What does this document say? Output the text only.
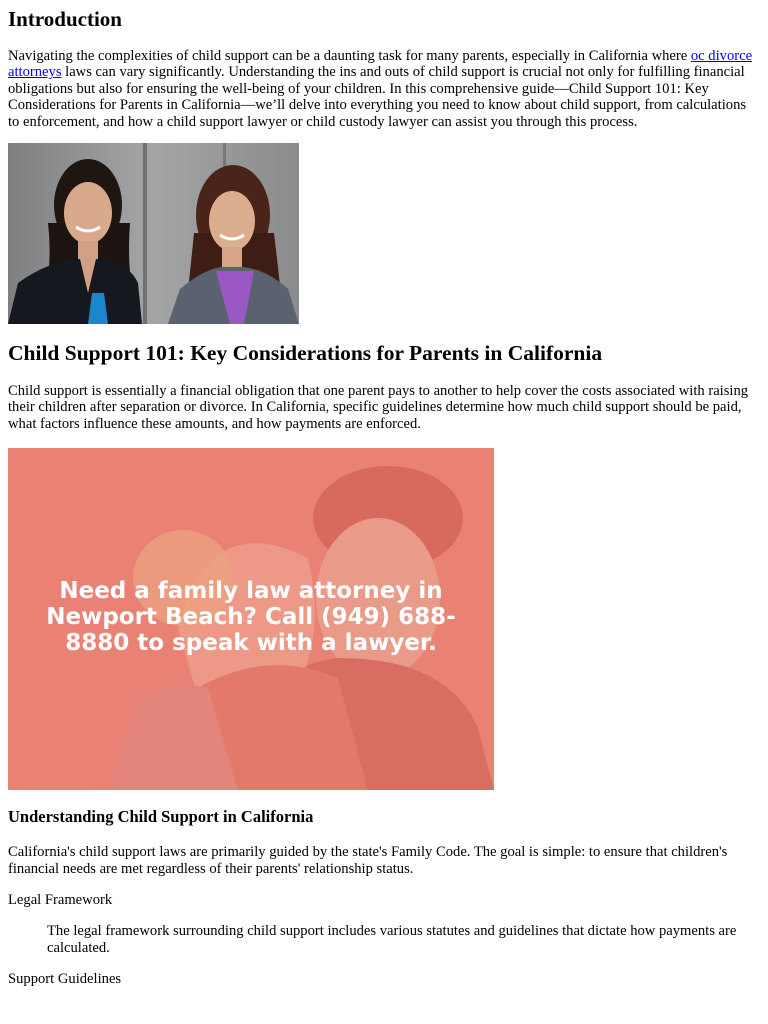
Introduction

Navigating the complexities of child support can be a daunting task for many parents, especially in California where oc divorce attorneys laws can vary significantly. Understanding the ins and outs of child support is crucial not only for fulfilling financial obligations but also for ensuring the well-being of your children. In this comprehensive guide—Child Support 101: Key Considerations for Parents in California—we’ll delve into everything you need to know about child support, from calculations to enforcement, and how a child support lawyer or child custody lawyer can assist you through this process.

Child Support 101: Key Considerations for Parents in California

Child support is essentially a financial obligation that one parent pays to another to help cover the costs associated with raising their children after separation or divorce. In California, specific guidelines determine how much child support should be paid, what factors influence these amounts, and how payments are enforced.

Need a family law attorney in
Newport Beach? Call (949) 688-
8880 to speak with a lawyer.
Understanding Child Support in California

California's child support laws are primarily guided by the state's Family Code. The goal is simple: to ensure that children's financial needs are met regardless of their parents' relationship status.

Legal Framework

The legal framework surrounding child support includes various statutes and guidelines that dictate how payments are calculated.

Support Guidelines
